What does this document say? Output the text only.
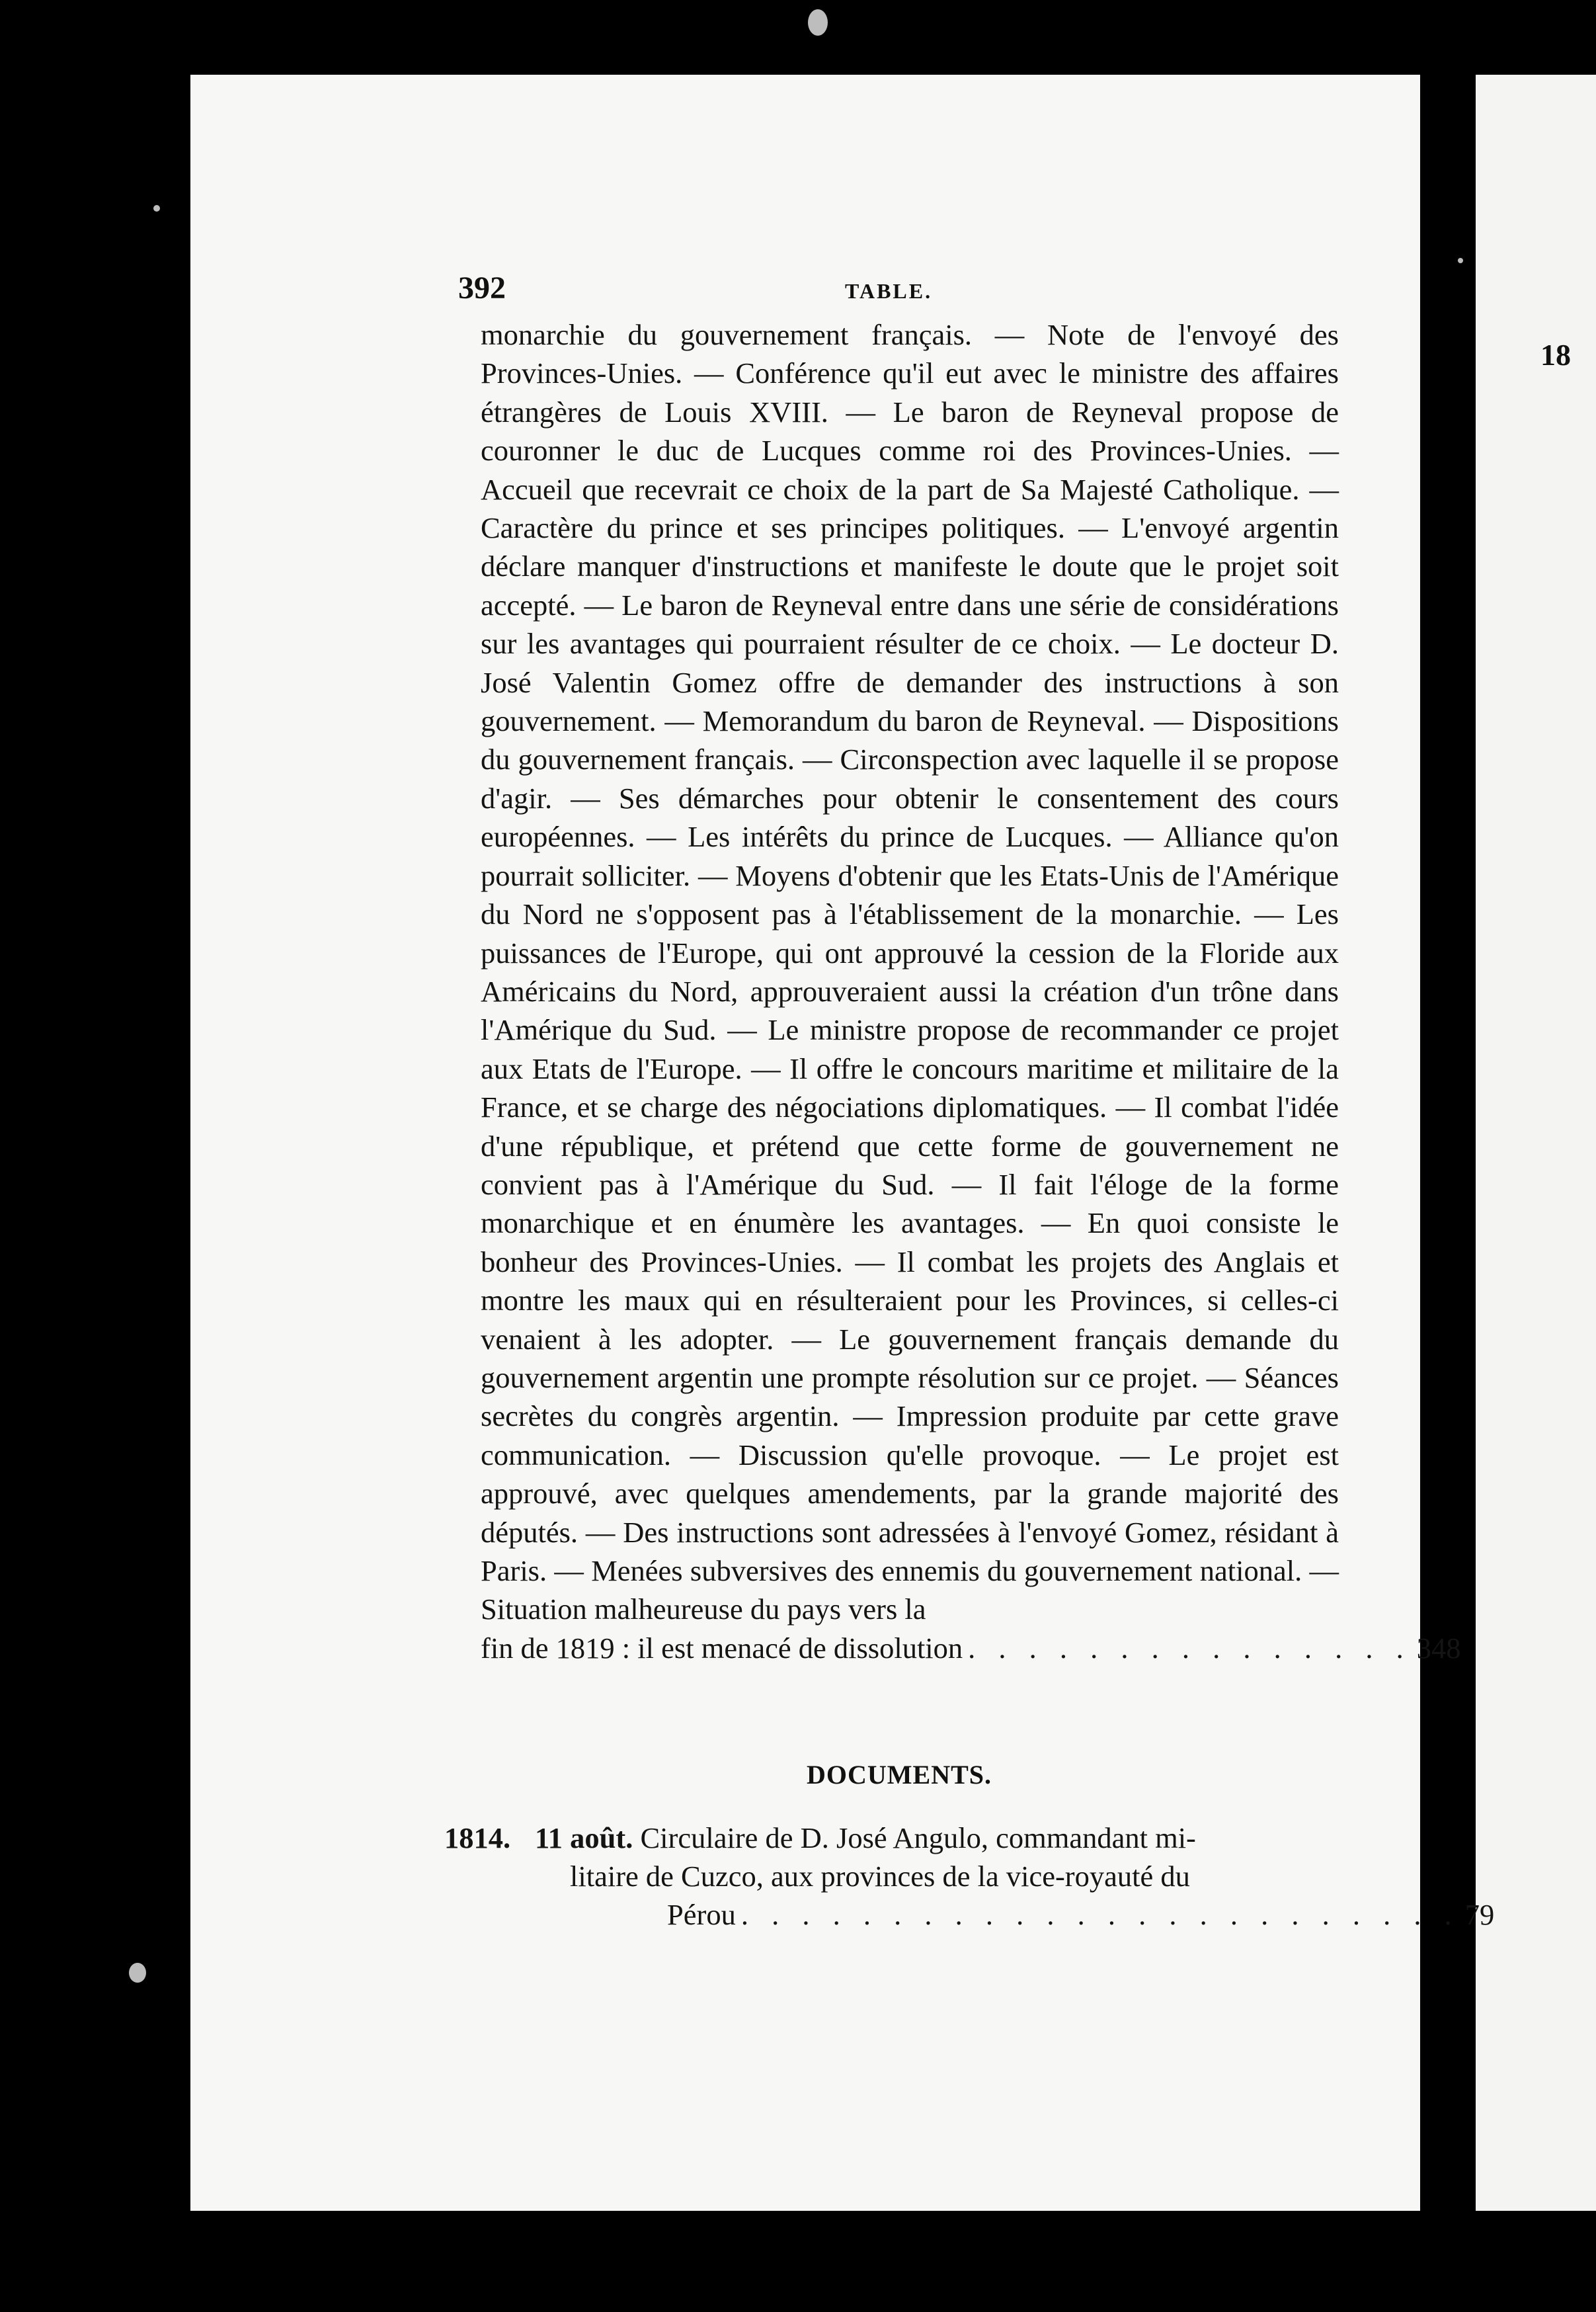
18
392	TABLE.
monarchie du gouvernement français. — Note de l'envoyé des Provinces-Unies. — Conférence qu'il eut avec le ministre des affaires étrangères de Louis XVIII. — Le baron de Reyneval propose de couronner le duc de Lucques comme roi des Provinces-Unies. — Accueil que recevrait ce choix de la part de Sa Majesté Catholique. — Caractère du prince et ses principes politiques. — L'envoyé argentin déclare manquer d'instructions et manifeste le doute que le projet soit accepté. — Le baron de Reyneval entre dans une série de considérations sur les avantages qui pourraient résulter de ce choix. — Le docteur D. José Valentin Gomez offre de demander des instructions à son gouvernement. — Memorandum du baron de Reyneval. — Dispositions du gouvernement français. — Circonspection avec laquelle il se propose d'agir. — Ses démarches pour obtenir le consentement des cours européennes. — Les intérêts du prince de Lucques. — Alliance qu'on pourrait solliciter. — Moyens d'obtenir que les Etats-Unis de l'Amérique du Nord ne s'opposent pas à l'établissement de la monarchie. — Les puissances de l'Europe, qui ont approuvé la cession de la Floride aux Américains du Nord, approuveraient aussi la création d'un trône dans l'Amérique du Sud. — Le ministre propose de recommander ce projet aux Etats de l'Europe. — Il offre le concours maritime et militaire de la France, et se charge des négociations diplomatiques. — Il combat l'idée d'une république, et prétend que cette forme de gouvernement ne convient pas à l'Amérique du Sud. — Il fait l'éloge de la forme monarchique et en énumère les avantages. — En quoi consiste le bonheur des Provinces-Unies. — Il combat les projets des Anglais et montre les maux qui en résulteraient pour les Provinces, si celles-ci venaient à les adopter. — Le gouvernement français demande du gouvernement argentin une prompte résolution sur ce projet. — Séances secrètes du congrès argentin. — Impression produite par cette grave communication. — Discussion qu'elle provoque. — Le projet est approuvé, avec quelques amendements, par la grande majorité des députés. — Des instructions sont adressées à l'envoyé Gomez, résidant à Paris. — Menées subversives des ennemis du gouvernement national. — Situation malheureuse du pays vers la
fin de 1819 : il est menacé de dissolution . . . . . . . . . . . . . . . 348
DOCUMENTS.
1814. 11 août. Circulaire de D. José Angulo, commandant mi-
litaire de Cuzco, aux provinces de la vice-royauté du
Pérou . . . . . . . . . . . . . . . . . . . . . . . . 79
